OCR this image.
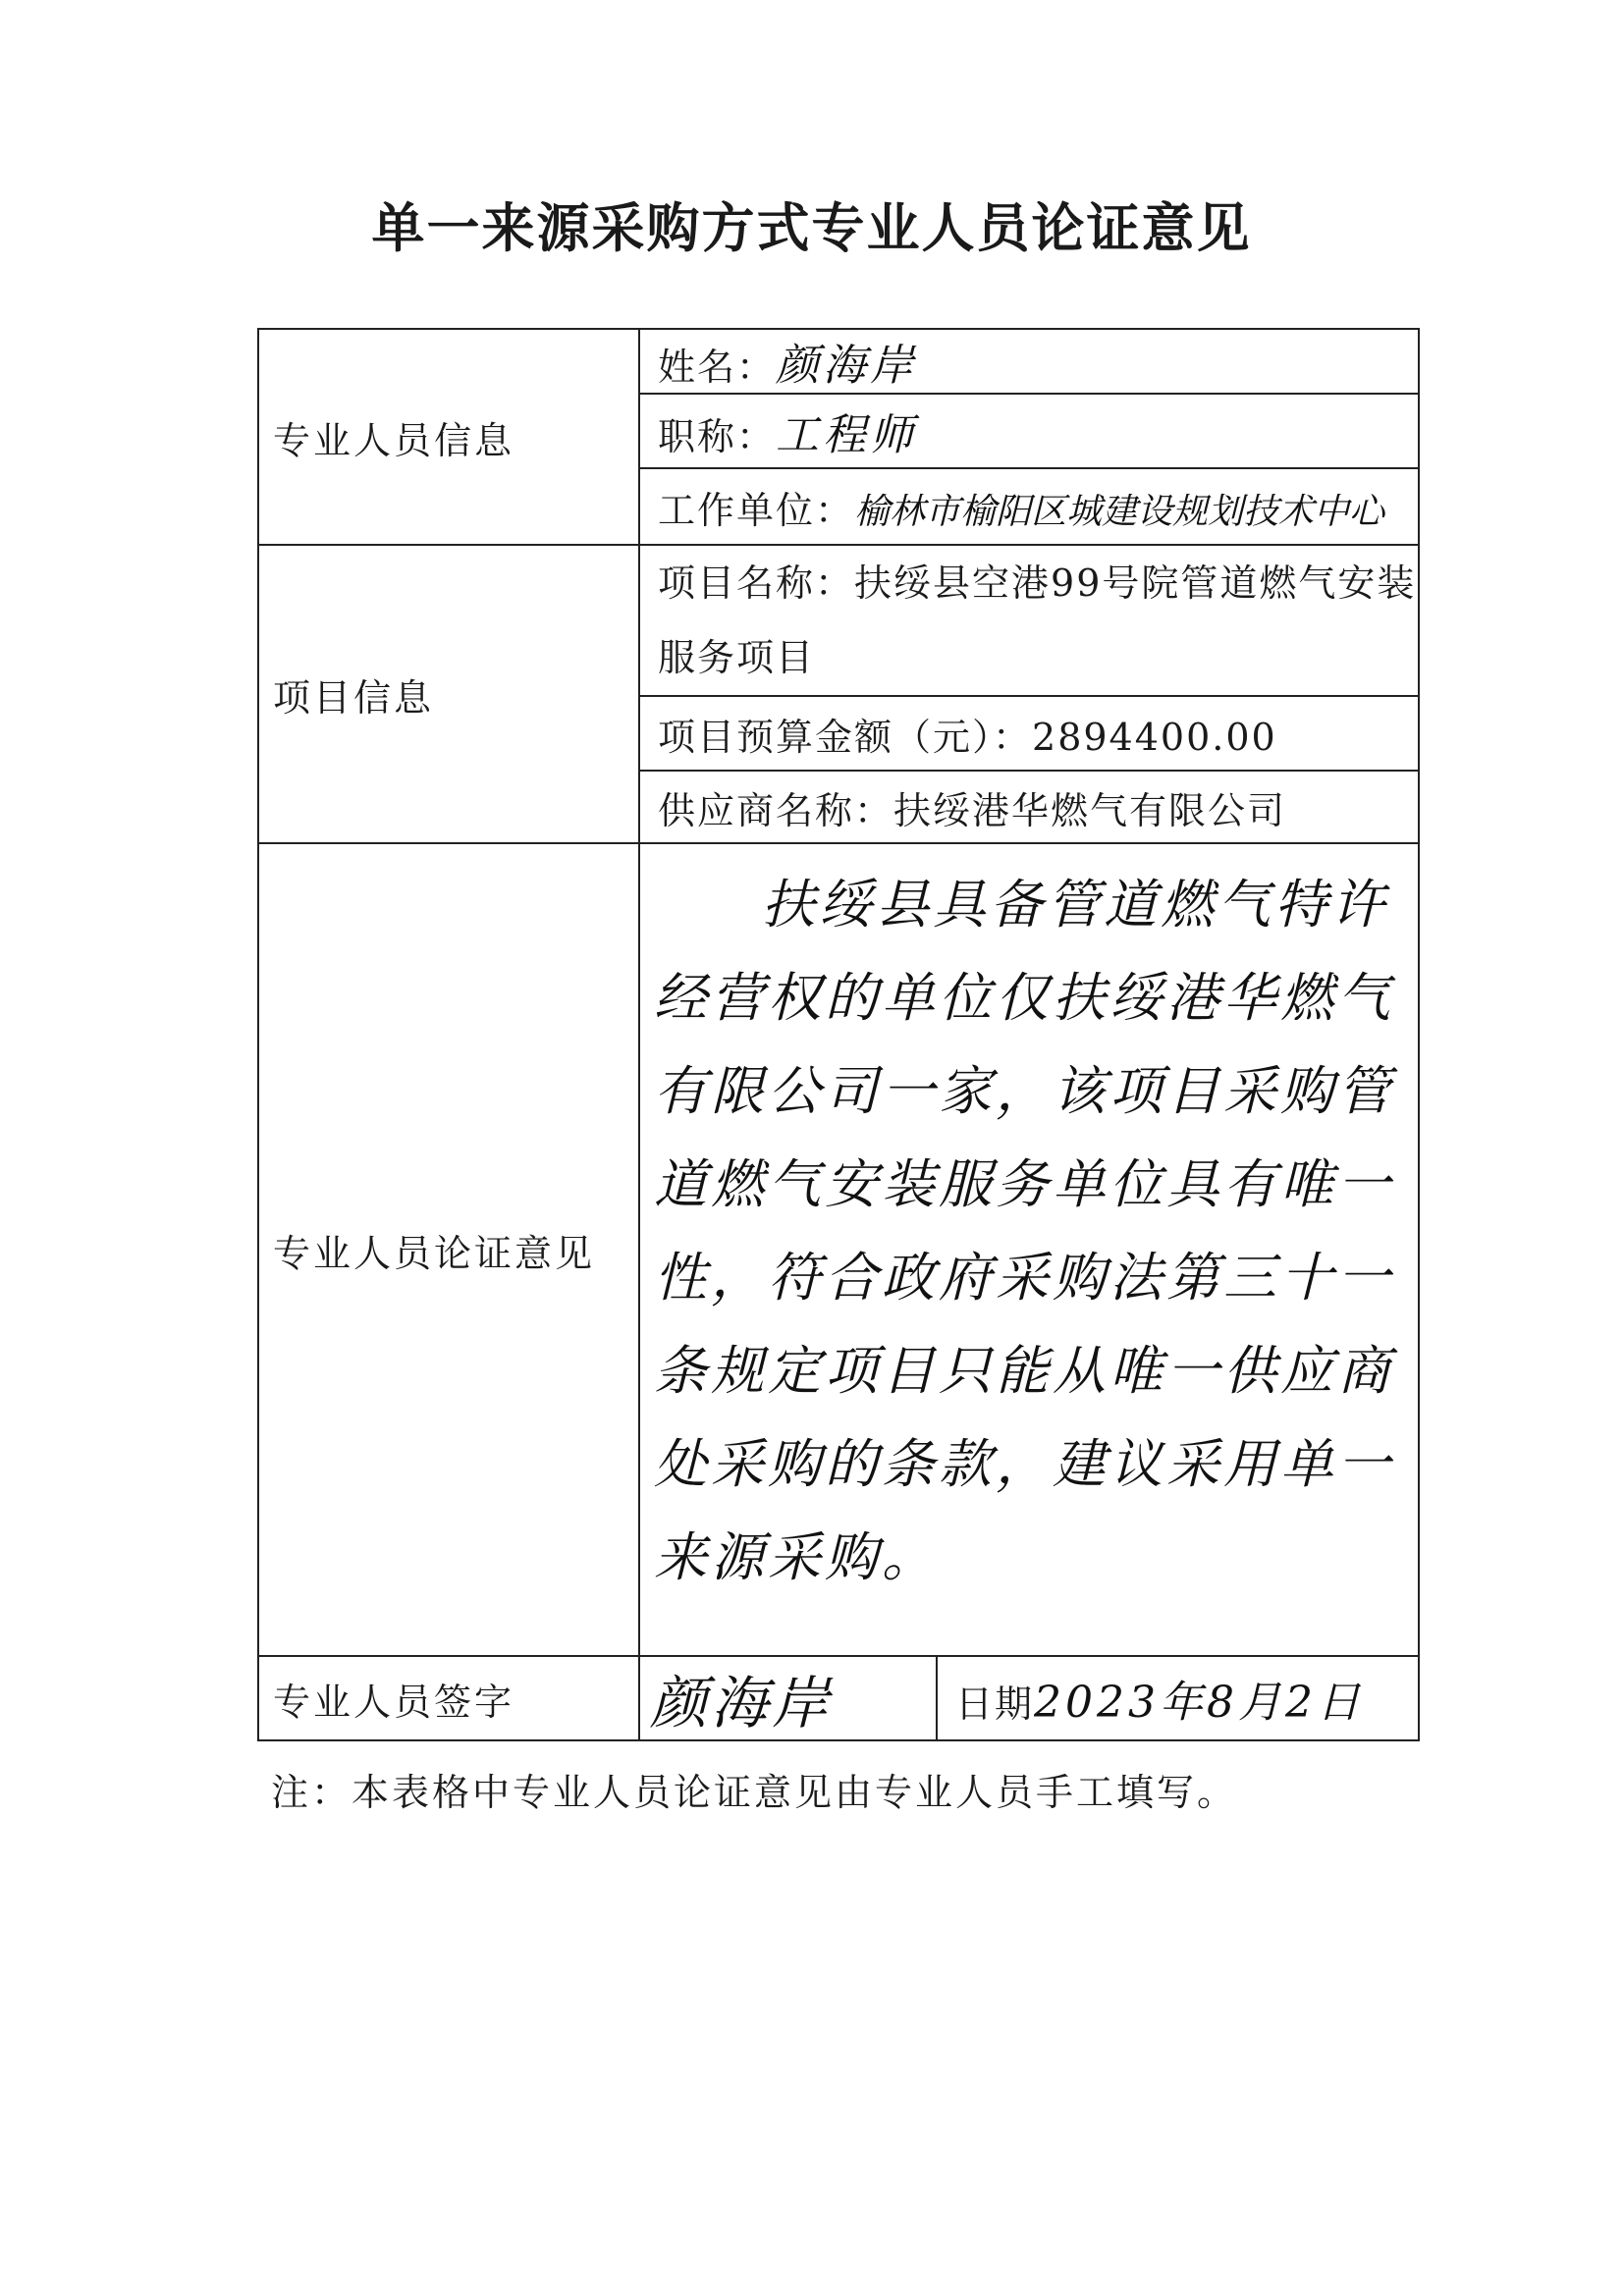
单一来源采购方式专业人员论证意见
专业人员信息	姓名：颜海岸	
	职称：工程师	
	工作单位：榆林市榆阳区城建设规划技术中心	
项目信息	项目名称：扶绥县空港99号院管道燃气安装服务项目	
	项目预算金额（元）：2894400.00	
	供应商名称：扶绥港华燃气有限公司	
专业人员论证意见	扶绥县具备管道燃气特许经营权的单位仅扶绥港华燃气有限公司一家，该项目采购管道燃气安装服务单位具有唯一性，符合政府采购法第三十一条规定项目只能从唯一供应商处采购的条款，建议采用单一来源采购。	

专业人员签字	颜海岸	日期2023年8月2日
注：本表格中专业人员论证意见由专业人员手工填写。
